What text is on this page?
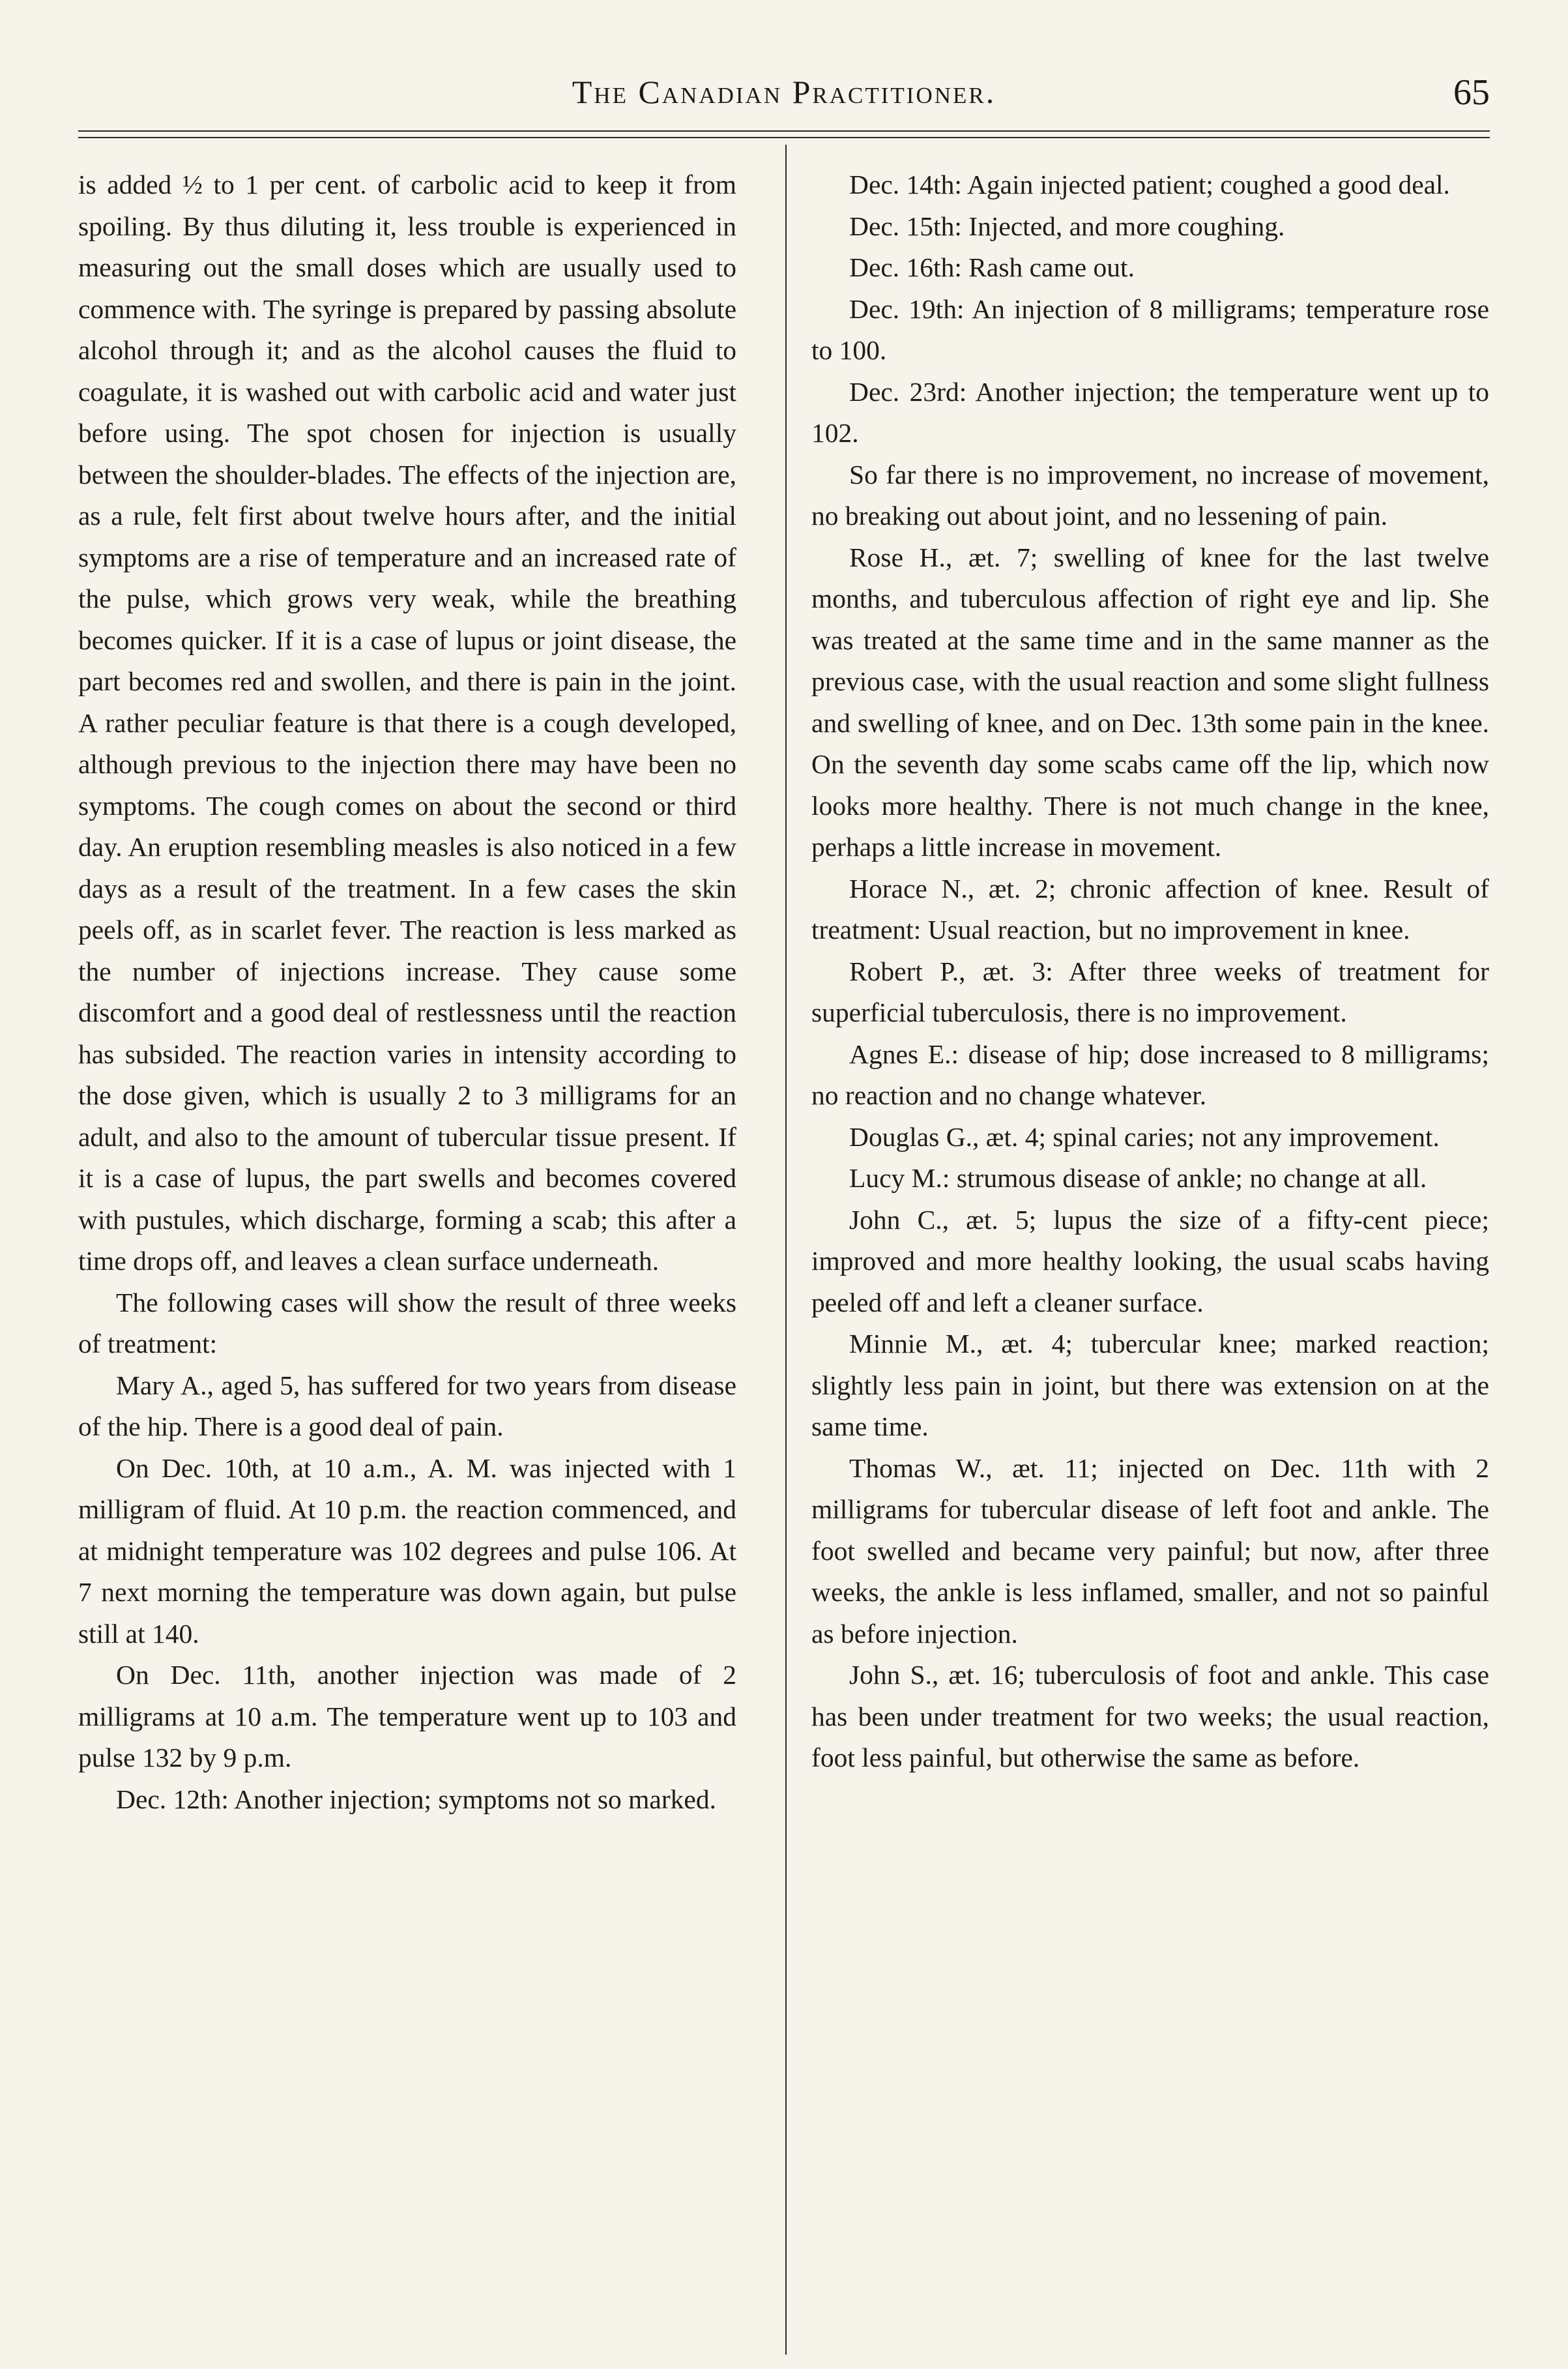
The Canadian Practitioner.	65

is added ½ to 1 per cent. of carbolic acid to keep it from spoiling. By thus diluting it, less trouble is experienced in measuring out the small doses which are usually used to commence with. The syringe is prepared by passing absolute alcohol through it; and as the alcohol causes the fluid to coagulate, it is washed out with carbolic acid and water just before using. The spot chosen for injection is usually between the shoulder-blades. The effects of the injection are, as a rule, felt first about twelve hours after, and the initial symptoms are a rise of temperature and an increased rate of the pulse, which grows very weak, while the breathing becomes quicker. If it is a case of lupus or joint disease, the part becomes red and swollen, and there is pain in the joint. A rather peculiar feature is that there is a cough developed, although previous to the injection there may have been no symptoms. The cough comes on about the second or third day. An eruption resembling measles is also noticed in a few days as a result of the treatment. In a few cases the skin peels off, as in scarlet fever. The reaction is less marked as the number of injections increase. They cause some discomfort and a good deal of restlessness until the reaction has subsided. The reaction varies in intensity according to the dose given, which is usually 2 to 3 milligrams for an adult, and also to the amount of tubercular tissue present. If it is a case of lupus, the part swells and becomes covered with pustules, which discharge, forming a scab; this after a time drops off, and leaves a clean surface underneath.

The following cases will show the result of three weeks of treatment:

Mary A., aged 5, has suffered for two years from disease of the hip. There is a good deal of pain.

On Dec. 10th, at 10 a.m., A. M. was injected with 1 milligram of fluid. At 10 p.m. the reaction commenced, and at midnight temperature was 102 degrees and pulse 106. At 7 next morning the temperature was down again, but pulse still at 140.

On Dec. 11th, another injection was made of 2 milligrams at 10 a.m. The temperature went up to 103 and pulse 132 by 9 p.m.

Dec. 12th: Another injection; symptoms not so marked.

Dec. 14th: Again injected patient; coughed a good deal.

Dec. 15th: Injected, and more coughing.

Dec. 16th: Rash came out.

Dec. 19th: An injection of 8 milligrams; temperature rose to 100.

Dec. 23rd: Another injection; the temperature went up to 102.

So far there is no improvement, no increase of movement, no breaking out about joint, and no lessening of pain.

Rose H., æt. 7; swelling of knee for the last twelve months, and tuberculous affection of right eye and lip. She was treated at the same time and in the same manner as the previous case, with the usual reaction and some slight fullness and swelling of knee, and on Dec. 13th some pain in the knee. On the seventh day some scabs came off the lip, which now looks more healthy. There is not much change in the knee, perhaps a little increase in movement.

Horace N., æt. 2; chronic affection of knee. Result of treatment: Usual reaction, but no improvement in knee.

Robert P., æt. 3: After three weeks of treatment for superficial tuberculosis, there is no improvement.

Agnes E.: disease of hip; dose increased to 8 milligrams; no reaction and no change whatever.

Douglas G., æt. 4; spinal caries; not any improvement.

Lucy M.: strumous disease of ankle; no change at all.

John C., æt. 5; lupus the size of a fifty-cent piece; improved and more healthy looking, the usual scabs having peeled off and left a cleaner surface.

Minnie M., æt. 4; tubercular knee; marked reaction; slightly less pain in joint, but there was extension on at the same time.

Thomas W., æt. 11; injected on Dec. 11th with 2 milligrams for tubercular disease of left foot and ankle. The foot swelled and became very painful; but now, after three weeks, the ankle is less inflamed, smaller, and not so painful as before injection.

John S., æt. 16; tuberculosis of foot and ankle. This case has been under treatment for two weeks; the usual reaction, foot less painful, but otherwise the same as before.
